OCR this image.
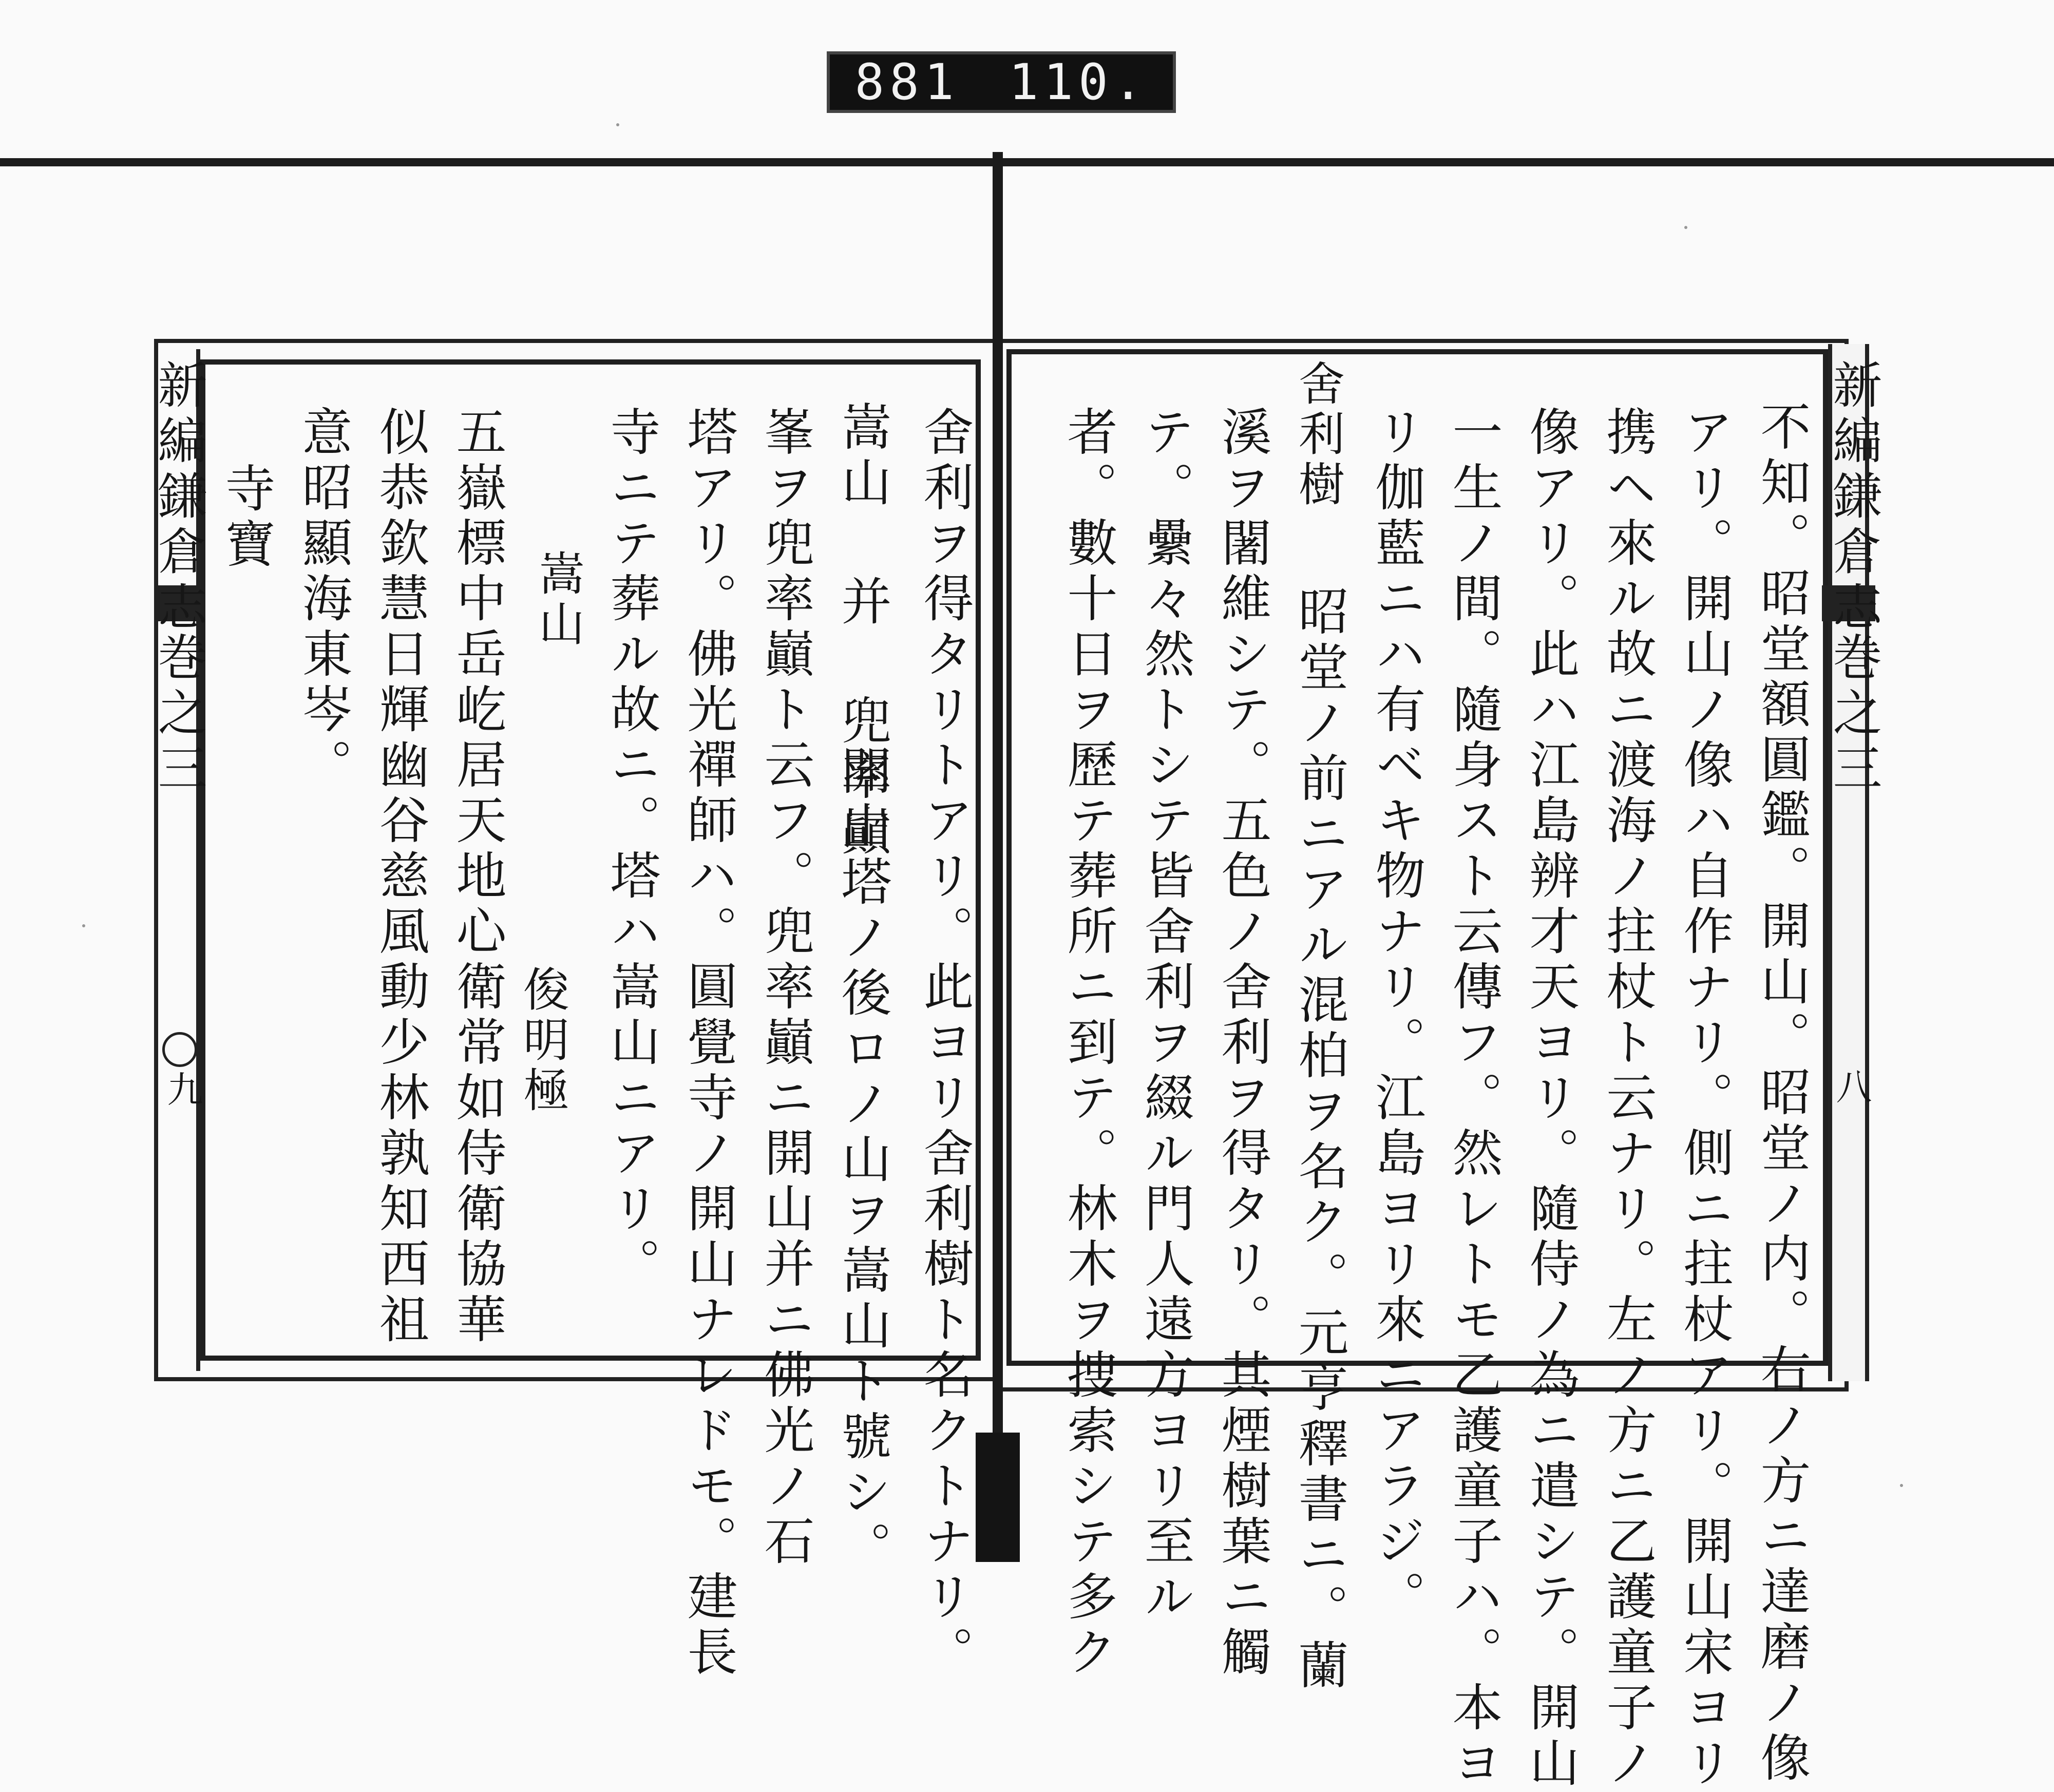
881 110.
新編鎌倉志
巻之三
九	舍利ヲ得タリトアリ。此ヨリ舍利樹ト名クトナリ。
嵩山 并 兜率巓
開山塔ノ後ロノ山ヲ嵩山ト號シ。
峯ヲ兜率巓ト云フ。兜率巓ニ開山并ニ佛光ノ石
塔アリ。佛光禪師ハ。圓覺寺ノ開山ナレドモ。建長
寺ニテ葬ル故ニ。塔ハ嵩山ニアリ。
嵩山
俊明極
五嶽標中岳屹居天地心衛常如侍衛協華
似恭欽慧日輝幽谷慈風動少林孰知西祖
意昭顯海東岑。
寺寶	新編鎌倉志
巻之三
八
不知。昭堂額圓鑑。開山。昭堂ノ内。右ノ方ニ達磨ノ像
アリ。開山ノ像ハ自作ナリ。側ニ拄杖アリ。開山宋ヨリ
携ヘ來ル故ニ渡海ノ拄杖ト云ナリ。左ノ方ニ乙護童子ノ
像アリ。此ハ江島辨才天ヨリ。隨侍ノ為ニ遣シテ。開山
一生ノ間。隨身スト云傳フ。然レトモ乙護童子ハ。本ヨ
リ伽藍ニハ有ベキ物ナリ。江島ヨリ來ニアラジ。
舍利樹
昭堂ノ前ニアル混柏ヲ名ク。元亨釋書ニ。蘭
溪ヲ闍維シテ。五色ノ舍利ヲ得タリ。其煙樹葉ニ觸
テ。纍々然トシテ皆舍利ヲ綴ル門人遠方ヨリ至ル
者。數十日ヲ歷テ葬所ニ到テ。林木ヲ捜索シテ多ク
